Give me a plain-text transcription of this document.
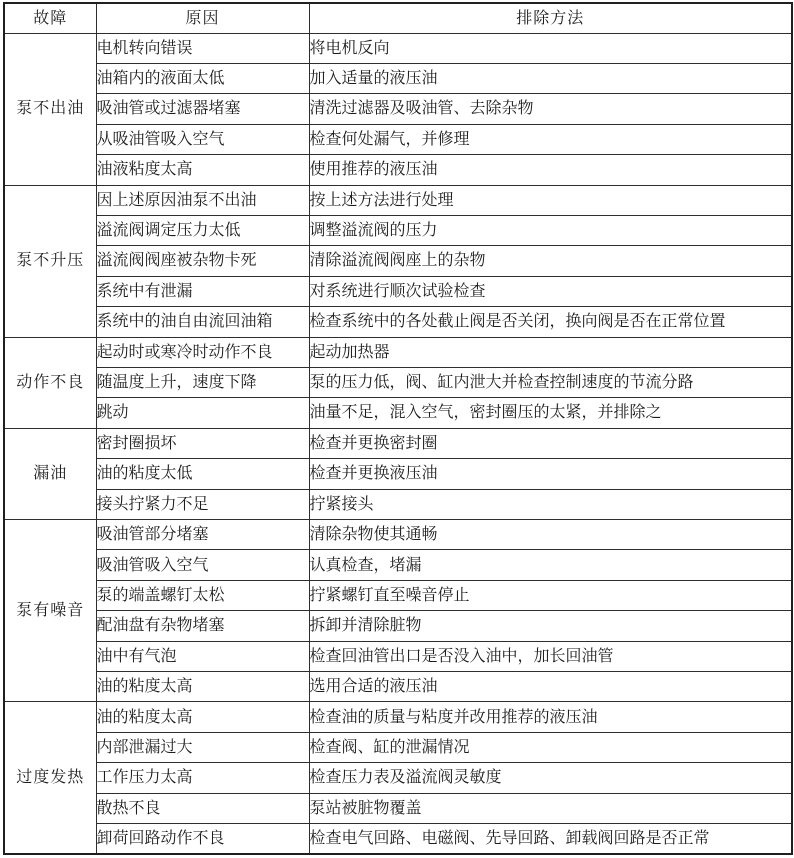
故障	原因	排除方法
泵不出油	电机转向错误	将电机反向
	油箱内的液面太低	加入适量的液压油
	吸油管或过滤器堵塞	清洗过滤器及吸油管、去除杂物
	从吸油管吸入空气	检查何处漏气，并修理
	油液粘度太高	使用推荐的液压油
泵不升压	因上述原因油泵不出油	按上述方法进行处理
	溢流阀调定压力太低	调整溢流阀的压力
	溢流阀阀座被杂物卡死	清除溢流阀阀座上的杂物
	系统中有泄漏	对系统进行顺次试验检查
	系统中的油自由流回油箱	检查系统中的各处截止阀是否关闭，换向阀是否在正常位置
动作不良	起动时或寒冷时动作不良	起动加热器
	随温度上升，速度下降	泵的压力低，阀、缸内泄大并检查控制速度的节流分路
	跳动	油量不足，混入空气，密封圈压的太紧，并排除之
漏油	密封圈损坏	检查并更换密封圈
	油的粘度太低	检查并更换液压油
	接头拧紧力不足	拧紧接头
泵有噪音	吸油管部分堵塞	清除杂物使其通畅
	吸油管吸入空气	认真检查，堵漏
	泵的端盖螺钉太松	拧紧螺钉直至噪音停止
	配油盘有杂物堵塞	拆卸并清除脏物
	油中有气泡	检查回油管出口是否没入油中，加长回油管
	油的粘度太高	选用合适的液压油
过度发热	油的粘度太高	检查油的质量与粘度并改用推荐的液压油
	内部泄漏过大	检查阀、缸的泄漏情况
	工作压力太高	检查压力表及溢流阀灵敏度
	散热不良	泵站被脏物覆盖
	卸荷回路动作不良	检查电气回路、电磁阀、先导回路、卸载阀回路是否正常
